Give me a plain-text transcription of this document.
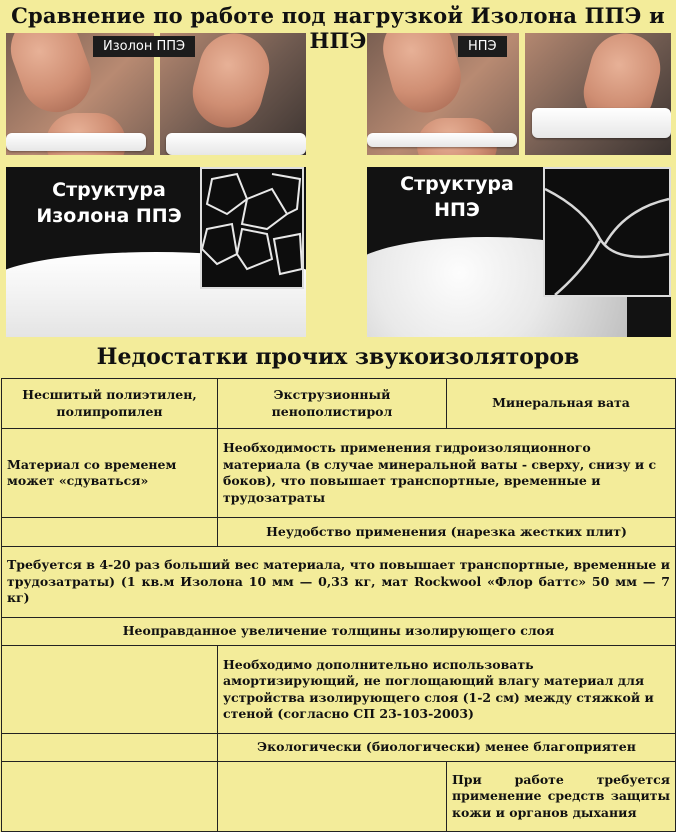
Сравнение по работе под нагрузкой Изолона ППЭ и НПЭ
Изолон ППЭ	НПЭ
Структура
Изолона ППЭ
Структура
НПЭ
Недостатки прочих звукоизоляторов
Несшитый полиэтилен, полипропилен	Экструзионный пенополистирол	Минеральная вата
Материал со временем может «сдуваться»	Необходимость применения гидроизоляционного материала (в случае минеральной ваты - сверху, снизу и с боков), что повышает транспортные, временные и трудозатраты	
	Неудобство применения (нарезка жестких плит)	
Требуется в 4-20 раз больший вес материала, что повышает транспортные, временные и трудозатраты) (1 кв.м Изолона 10 мм — 0,33 кг, мат Rockwool «Флор баттс» 50 мм — 7 кг)		
Неоправданное увеличение толщины изолирующего слоя		
	Необходимо дополнительно использовать амортизирующий, не поглощающий влагу материал для устройства изолирующего слоя (1-2 см) между стяжкой и стеной (согласно СП 23-103-2003)	
	Экологически (биологически) менее благоприятен	
		При работе требуется применение средств защиты кожи и органов дыхания
